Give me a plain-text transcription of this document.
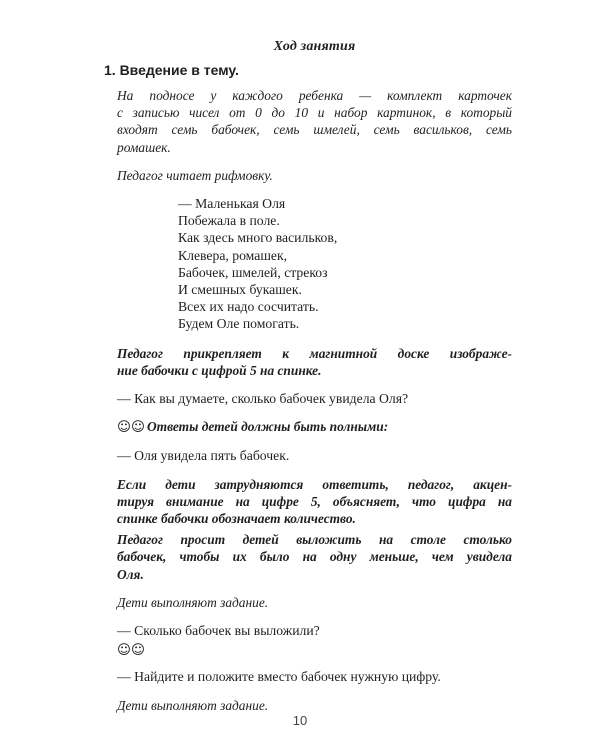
Ход занятия
1. Введение в тему.
На подносе у каждого ребенка — комплект карточек
с записью чисел от 0 до 10 и набор картинок, в который
входят семь бабочек, семь шмелей, семь васильков, семь
ромашек.
Педагог читает рифмовку.
— Маленькая Оля
Побежала в поле.
Как здесь много васильков,
Клевера, ромашек,
Бабочек, шмелей, стрекоз
И смешных букашек.
Всех их надо сосчитать.
Будем Оле помогать.
Педагог прикрепляет к магнитной доске изображе-
ние бабочки с цифрой 5 на спинке.
— Как вы думаете, сколько бабочек увидела Оля?
☺☺ Ответы детей должны быть полными:
— Оля увидела пять бабочек.
Если дети затрудняются ответить, педагог, акцен-
тируя внимание на цифре 5, объясняет, что цифра на
спинке бабочки обозначает количество.
Педагог просит детей выложить на столе столько
бабочек, чтобы их было на одну меньше, чем увидела
Оля.
Дети выполняют задание.
— Сколько бабочек вы выложили?
☺☺
— Найдите и положите вместо бабочек нужную цифру.
Дети выполняют задание.
10
